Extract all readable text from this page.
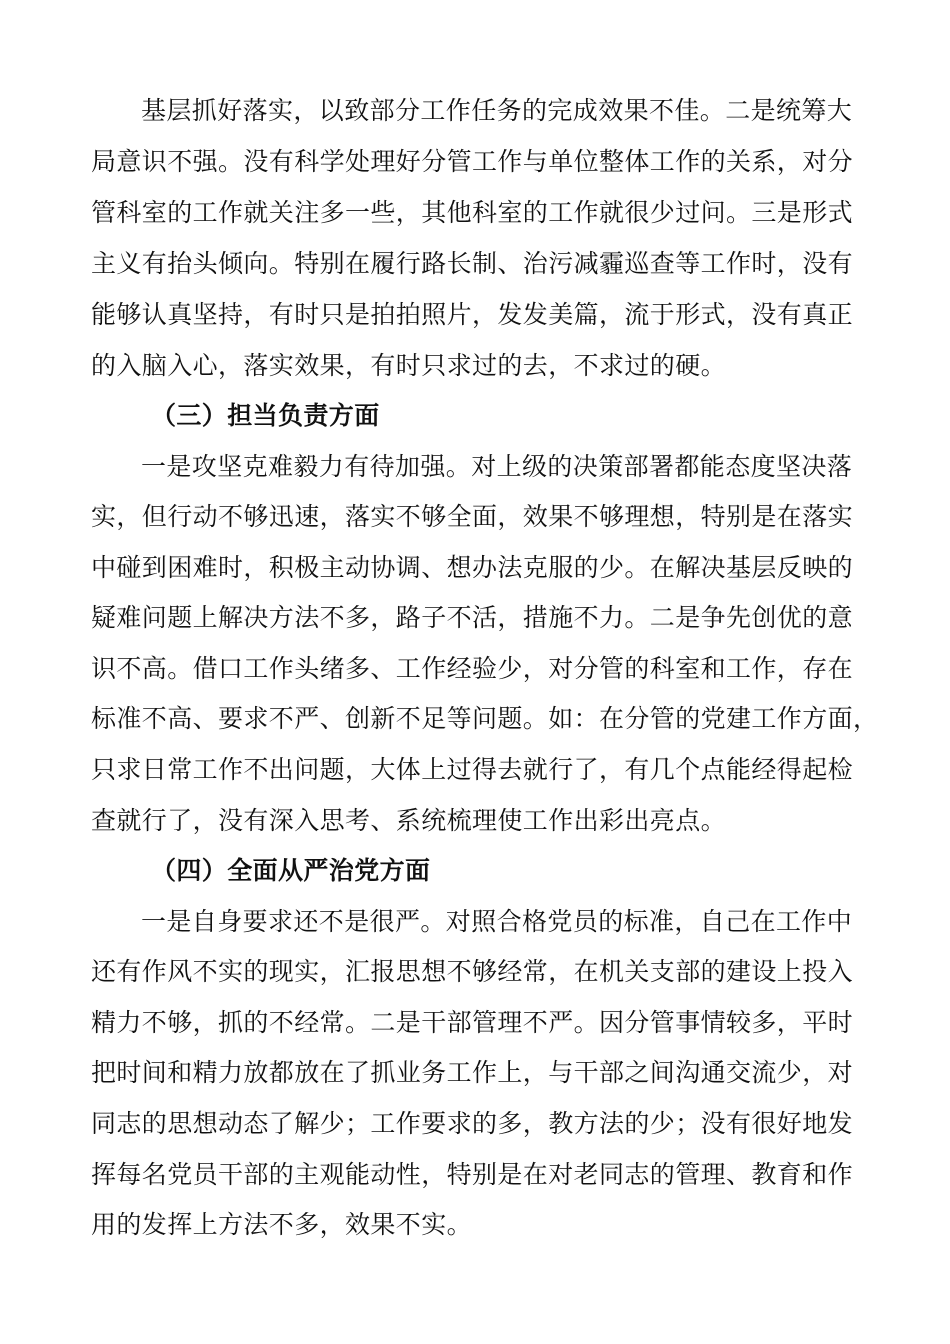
基层抓好落实，以致部分工作任务的完成效果不佳。二是统筹大
局意识不强。没有科学处理好分管工作与单位整体工作的关系，对分
管科室的工作就关注多一些，其他科室的工作就很少过问。三是形式
主义有抬头倾向。特别在履行路长制、治污减霾巡查等工作时，没有
能够认真坚持，有时只是拍拍照片，发发美篇，流于形式，没有真正
的入脑入心，落实效果，有时只求过的去，不求过的硬。
（三）担当负责方面
一是攻坚克难毅力有待加强。对上级的决策部署都能态度坚决落
实，但行动不够迅速，落实不够全面，效果不够理想，特别是在落实
中碰到困难时，积极主动协调、想办法克服的少。在解决基层反映的
疑难问题上解决方法不多，路子不活，措施不力。二是争先创优的意
识不高。借口工作头绪多、工作经验少，对分管的科室和工作，存在
标准不高、要求不严、创新不足等问题。如：在分管的党建工作方面，
只求日常工作不出问题，大体上过得去就行了，有几个点能经得起检
查就行了，没有深入思考、系统梳理使工作出彩出亮点。
（四）全面从严治党方面
一是自身要求还不是很严。对照合格党员的标准，自己在工作中
还有作风不实的现实，汇报思想不够经常，在机关支部的建设上投入
精力不够，抓的不经常。二是干部管理不严。因分管事情较多，平时
把时间和精力放都放在了抓业务工作上，与干部之间沟通交流少，对
同志的思想动态了解少；工作要求的多，教方法的少；没有很好地发
挥每名党员干部的主观能动性，特别是在对老同志的管理、教育和作
用的发挥上方法不多，效果不实。
